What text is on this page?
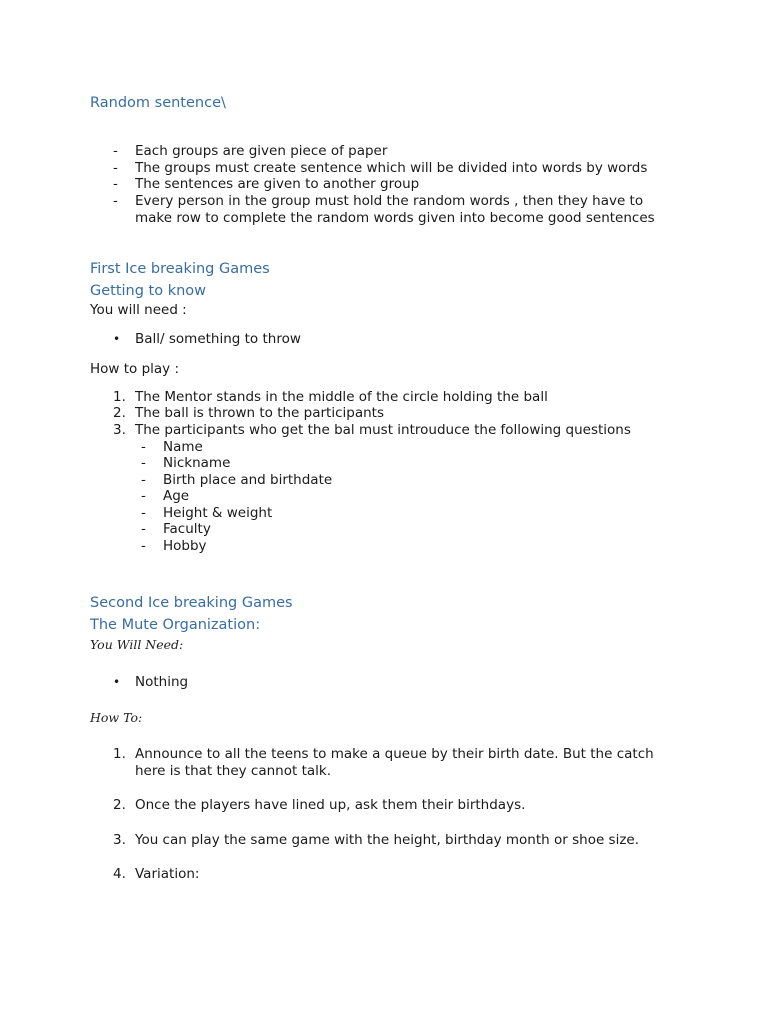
Random sentence\
-	Each groups are given piece of paper
-	The groups must create sentence which will be divided into words by words
-	The sentences are given to another group
-	Every person in the group must hold the random words , then they have to make row to complete the random words given into become good sentences
First Ice breaking Games
Getting to know
You will need :
•	Ball/ something to throw
How to play :
1. The Mentor stands in the middle of the circle holding the ball
2. The ball is thrown to the participants
3. The participants who get the bal must introuduce the following questions
-	Name
-	Nickname
-	Birth place and birthdate
-	Age
-	Height & weight
-	Faculty
-	Hobby
Second Ice breaking Games
The Mute Organization:
You Will Need:
•	Nothing
How To:
1. Announce to all the teens to make a queue by their birth date. But the catch here is that they cannot talk.
2. Once the players have lined up, ask them their birthdays.
3. You can play the same game with the height, birthday month or shoe size.
4. Variation:
